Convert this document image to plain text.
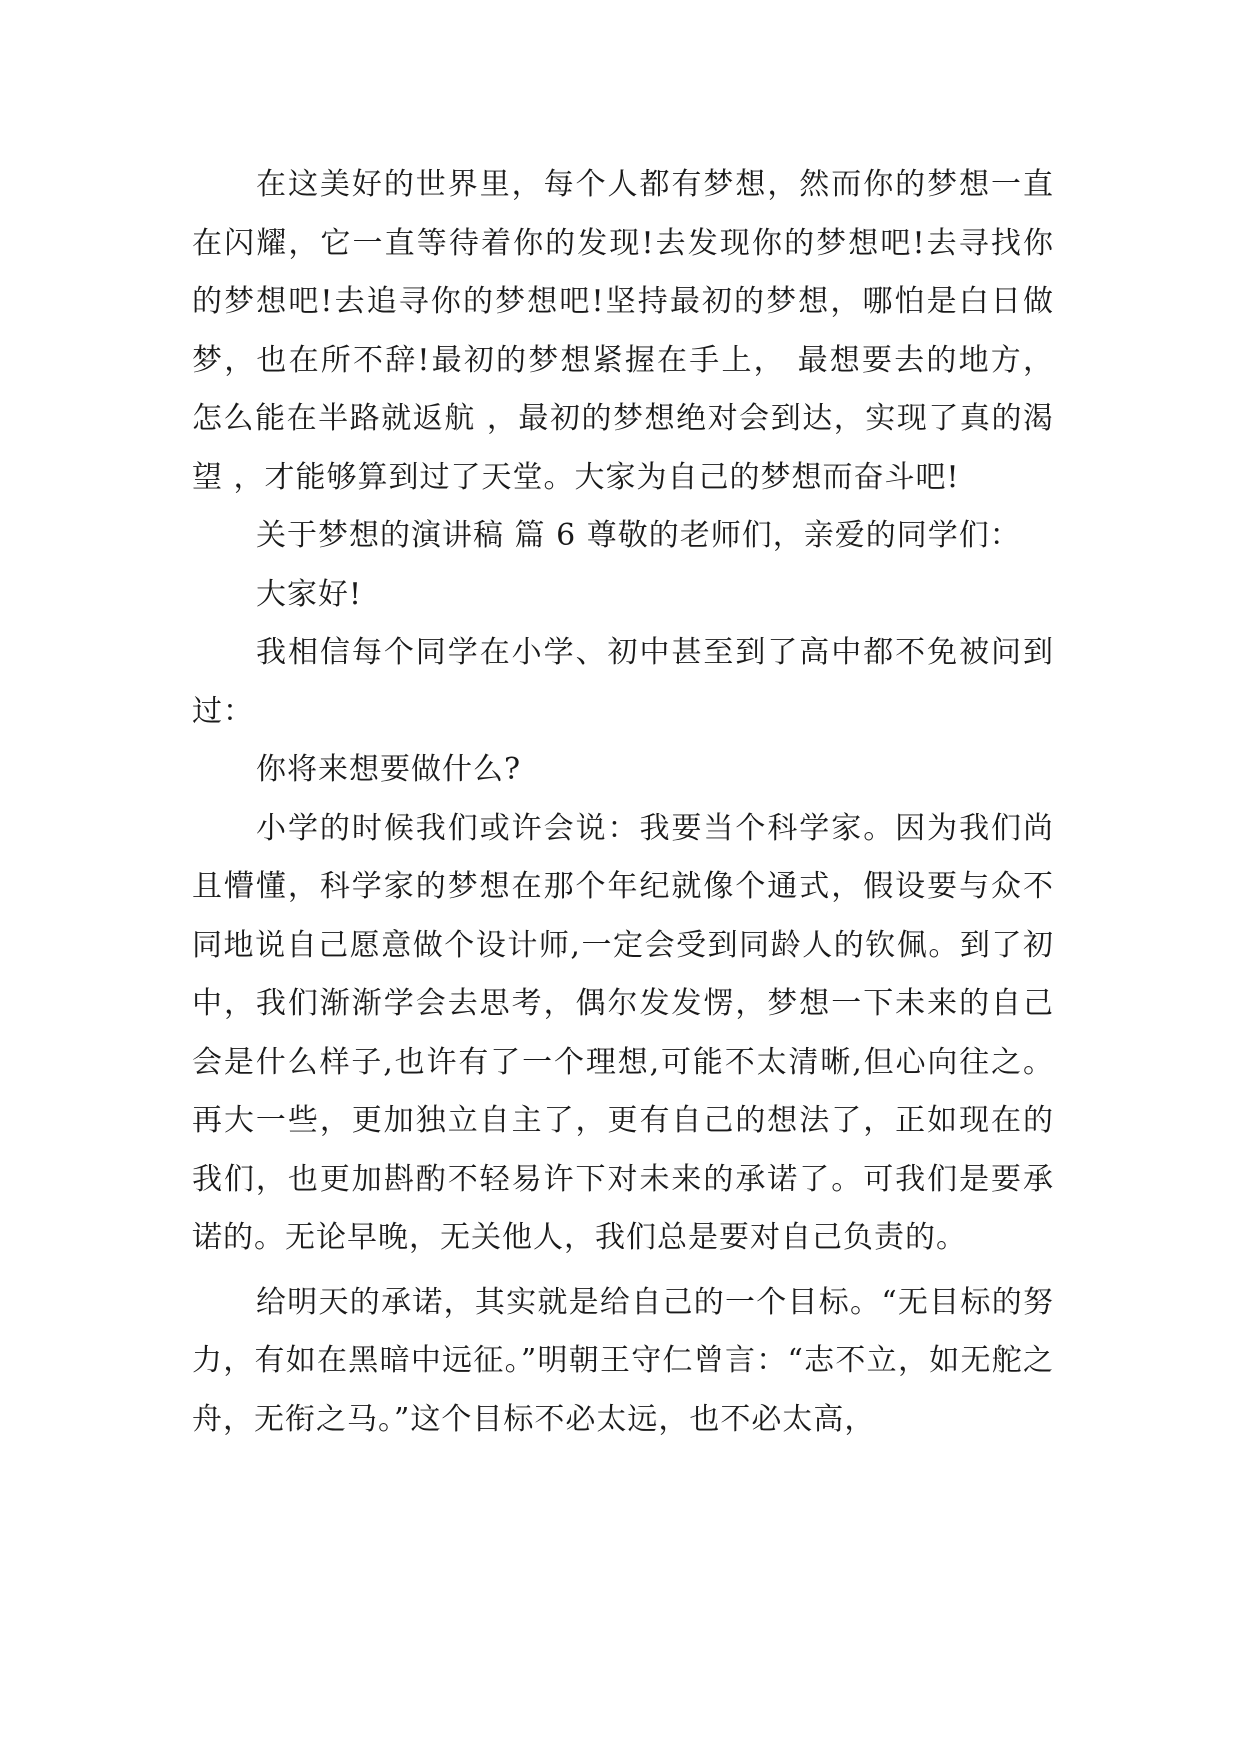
在这美好的世界里，每个人都有梦想，然而你的梦想一直在闪耀，它一直等待着你的发现!去发现你的梦想吧!去寻找你的梦想吧!去追寻你的梦想吧!坚持最初的梦想，哪怕是白日做梦，也在所不辞!最初的梦想紧握在手上， 最想要去的地方， 怎么能在半路就返航 ，最初的梦想绝对会到达，实现了真的渴望 ，才能够算到过了天堂。大家为自己的梦想而奋斗吧!

关于梦想的演讲稿 篇 6 尊敬的老师们，亲爱的同学们：

大家好!

我相信每个同学在小学、初中甚至到了高中都不免被问到过：

你将来想要做什么?

小学的时候我们或许会说：我要当个科学家。因为我们尚且懵懂，科学家的梦想在那个年纪就像个通式，假设要与众不同地说自己愿意做个设计师,一定会受到同龄人的钦佩。到了初中，我们渐渐学会去思考，偶尔发发愣，梦想一下未来的自己会是什么样子,也许有了一个理想,可能不太清晰,但心向往之。再大一些，更加独立自主了，更有自己的想法了，正如现在的我们，也更加斟酌不轻易许下对未来的承诺了。可我们是要承诺的。无论早晚，无关他人，我们总是要对自己负责的。

给明天的承诺，其实就是给自己的一个目标。“无目标的努力，有如在黑暗中远征。”明朝王守仁曾言：“志不立，如无舵之舟，无衔之马。”这个目标不必太远，也不必太高，
